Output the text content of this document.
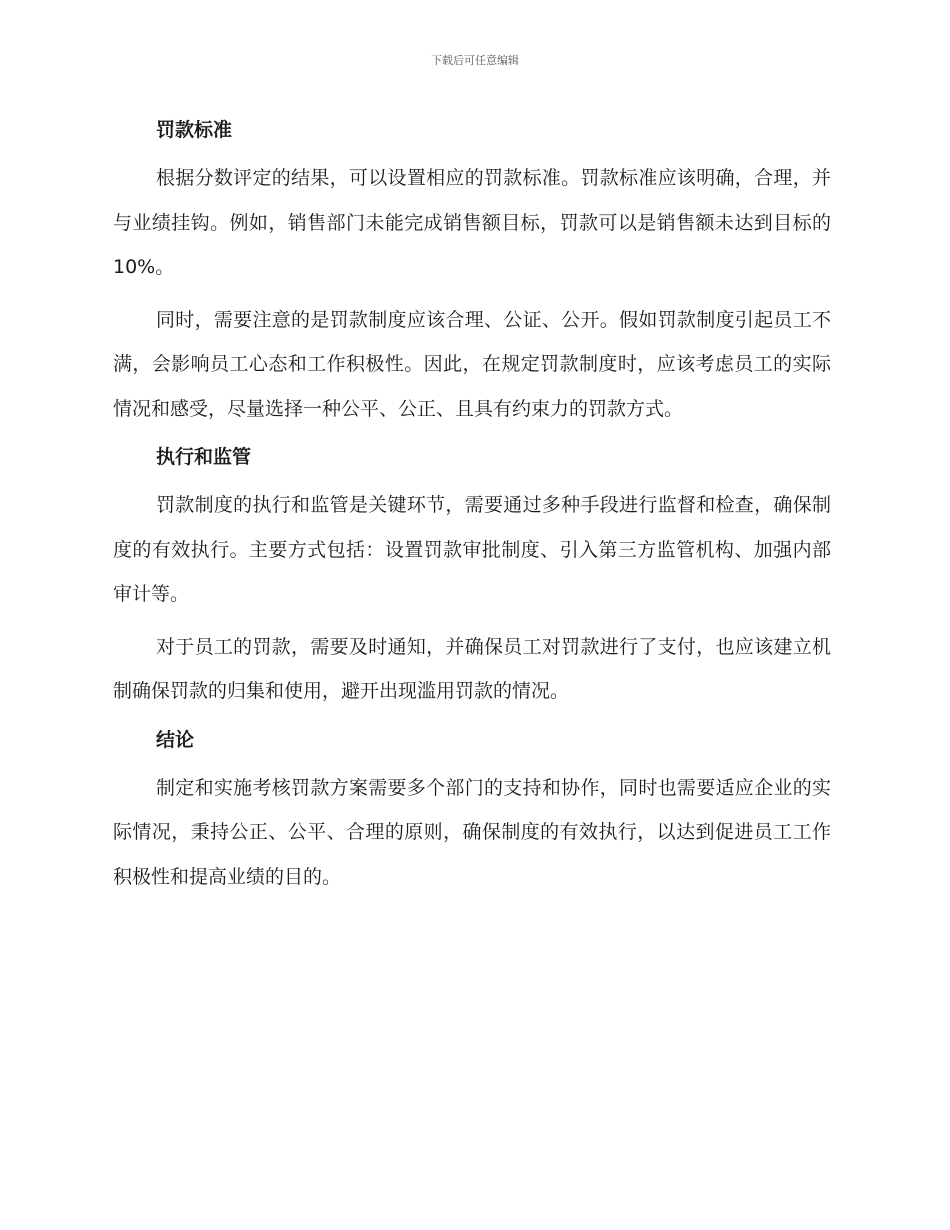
下载后可任意编辑
罚款标准

根据分数评定的结果，可以设置相应的罚款标准。罚款标准应该明确，合理，并与业绩挂钩。例如，销售部门未能完成销售额目标，罚款可以是销售额未达到目标的 10%。

同时，需要注意的是罚款制度应该合理、公证、公开。假如罚款制度引起员工不满，会影响员工心态和工作积极性。因此，在规定罚款制度时，应该考虑员工的实际情况和感受，尽量选择一种公平、公正、且具有约束力的罚款方式。

执行和监管

罚款制度的执行和监管是关键环节，需要通过多种手段进行监督和检查，确保制度的有效执行。主要方式包括：设置罚款审批制度、引入第三方监管机构、加强内部审计等。

对于员工的罚款，需要及时通知，并确保员工对罚款进行了支付，也应该建立机制确保罚款的归集和使用，避开出现滥用罚款的情况。

结论

制定和实施考核罚款方案需要多个部门的支持和协作，同时也需要适应企业的实际情况，秉持公正、公平、合理的原则，确保制度的有效执行，以达到促进员工工作积极性和提高业绩的目的。
